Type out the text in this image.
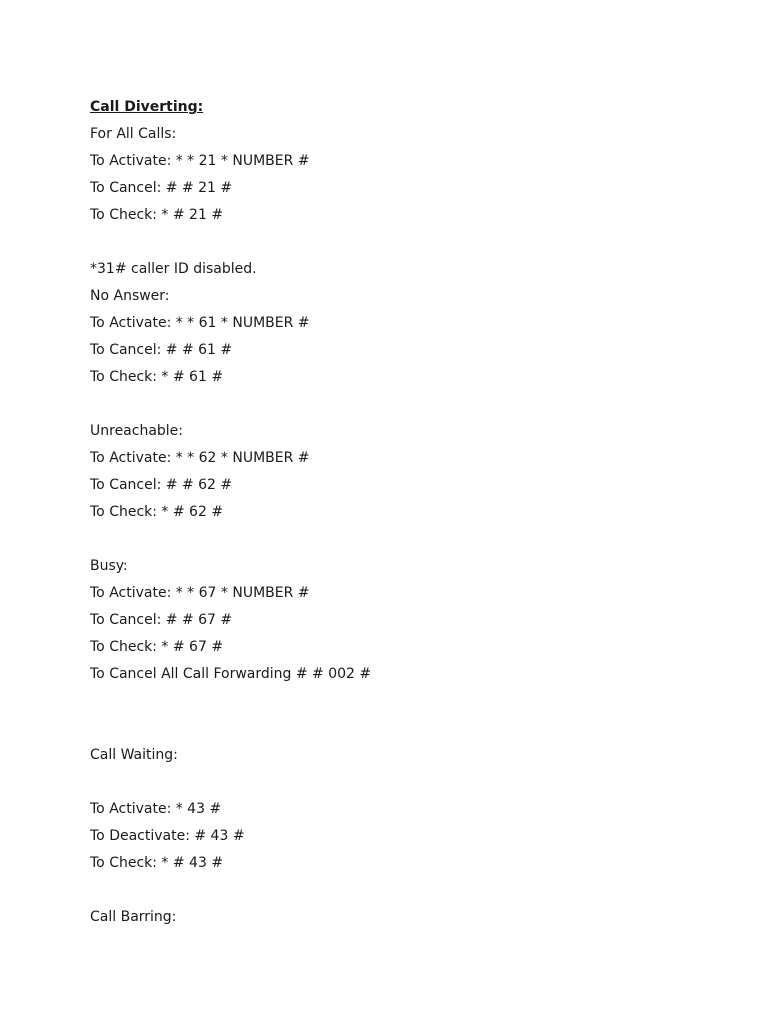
Call Diverting:
For All Calls:
To Activate: * * 21 * NUMBER #
To Cancel: # # 21 #
To Check: * # 21 #
*31# caller ID disabled.
No Answer:
To Activate: * * 61 * NUMBER #
To Cancel: # # 61 #
To Check: * # 61 #
Unreachable:
To Activate: * * 62 * NUMBER #
To Cancel: # # 62 #
To Check: * # 62 #
Busy:
To Activate: * * 67 * NUMBER #
To Cancel: # # 67 #
To Check: * # 67 #
To Cancel All Call Forwarding # # 002 #
Call Waiting:
To Activate: * 43 #
To Deactivate: # 43 #
To Check: * # 43 #
Call Barring:
